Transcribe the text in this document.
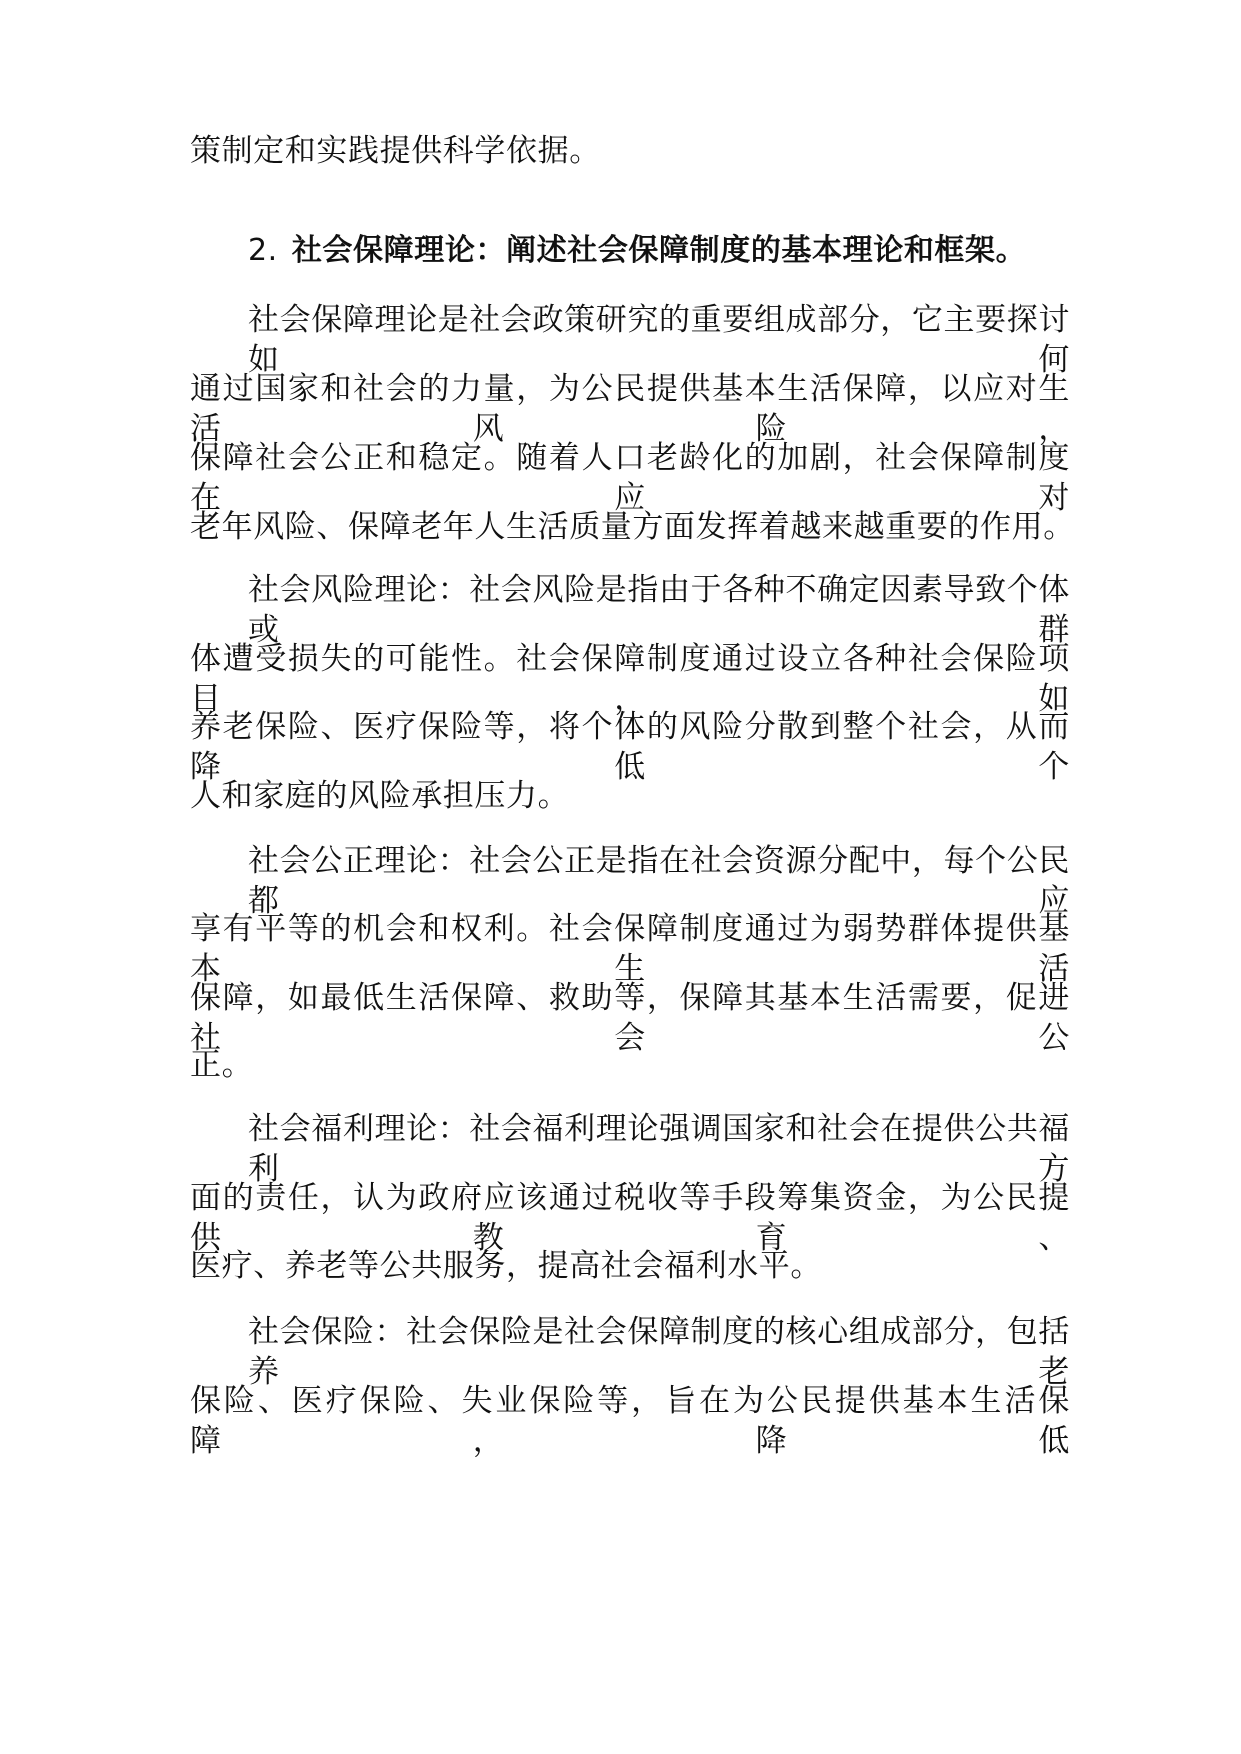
策制定和实践提供科学依据。
2. 社会保障理论：阐述社会保障制度的基本理论和框架。
社会保障理论是社会政策研究的重要组成部分，它主要探讨如何
通过国家和社会的力量，为公民提供基本生活保障，以应对生活风险，
保障社会公正和稳定。随着人口老龄化的加剧，社会保障制度在应对
老年风险、保障老年人生活质量方面发挥着越来越重要的作用。
社会风险理论：社会风险是指由于各种不确定因素导致个体或群
体遭受损失的可能性。社会保障制度通过设立各种社会保险项目，如
养老保险、医疗保险等，将个体的风险分散到整个社会，从而降低个
人和家庭的风险承担压力。
社会公正理论：社会公正是指在社会资源分配中，每个公民都应
享有平等的机会和权利。社会保障制度通过为弱势群体提供基本生活
保障，如最低生活保障、救助等，保障其基本生活需要，促进社会公
正。
社会福利理论：社会福利理论强调国家和社会在提供公共福利方
面的责任，认为政府应该通过税收等手段筹集资金，为公民提供教育、
医疗、养老等公共服务，提高社会福利水平。
社会保险：社会保险是社会保障制度的核心组成部分，包括养老
保险、医疗保险、失业保险等，旨在为公民提供基本生活保障，降低
